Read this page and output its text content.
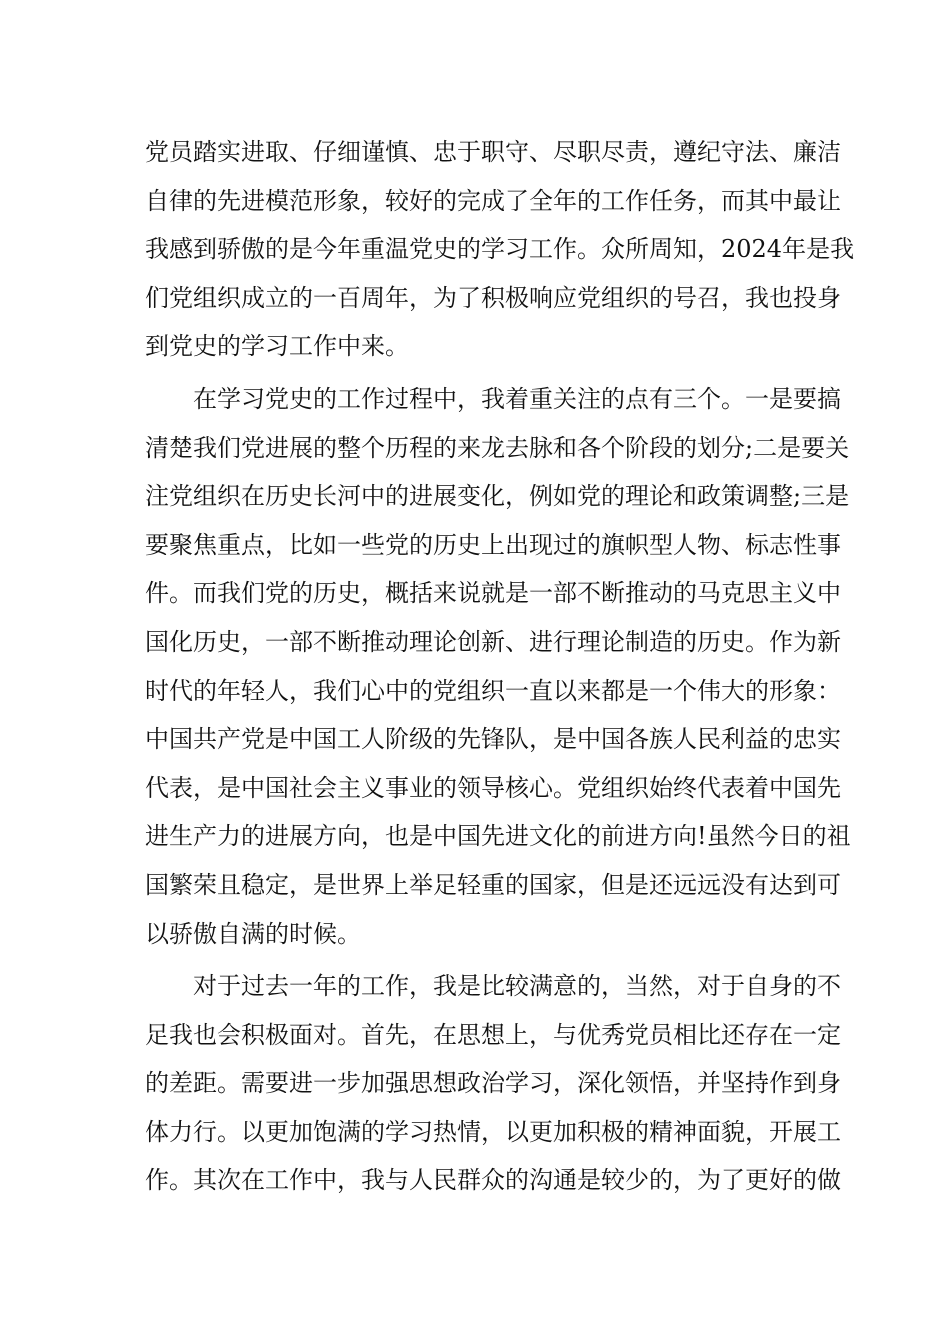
党员踏实进取、仔细谨慎、忠于职守、尽职尽责，遵纪守法、廉洁
自律的先进模范形象，较好的完成了全年的工作任务，而其中最让
我感到骄傲的是今年重温党史的学习工作。众所周知，2024年是我
们党组织成立的一百周年，为了积极响应党组织的号召，我也投身
到党史的学习工作中来。
在学习党史的工作过程中，我着重关注的点有三个。一是要搞
清楚我们党进展的整个历程的来龙去脉和各个阶段的划分;二是要关
注党组织在历史长河中的进展变化，例如党的理论和政策调整;三是
要聚焦重点，比如一些党的历史上出现过的旗帜型人物、标志性事
件。而我们党的历史，概括来说就是一部不断推动的马克思主义中
国化历史，一部不断推动理论创新、进行理论制造的历史。作为新
时代的年轻人，我们心中的党组织一直以来都是一个伟大的形象：
中国共产党是中国工人阶级的先锋队，是中国各族人民利益的忠实
代表，是中国社会主义事业的领导核心。党组织始终代表着中国先
进生产力的进展方向，也是中国先进文化的前进方向!虽然今日的祖
国繁荣且稳定，是世界上举足轻重的国家，但是还远远没有达到可
以骄傲自满的时候。
对于过去一年的工作，我是比较满意的，当然，对于自身的不
足我也会积极面对。首先，在思想上，与优秀党员相比还存在一定
的差距。需要进一步加强思想政治学习，深化领悟，并坚持作到身
体力行。以更加饱满的学习热情，以更加积极的精神面貌，开展工
作。其次在工作中，我与人民群众的沟通是较少的，为了更好的做
